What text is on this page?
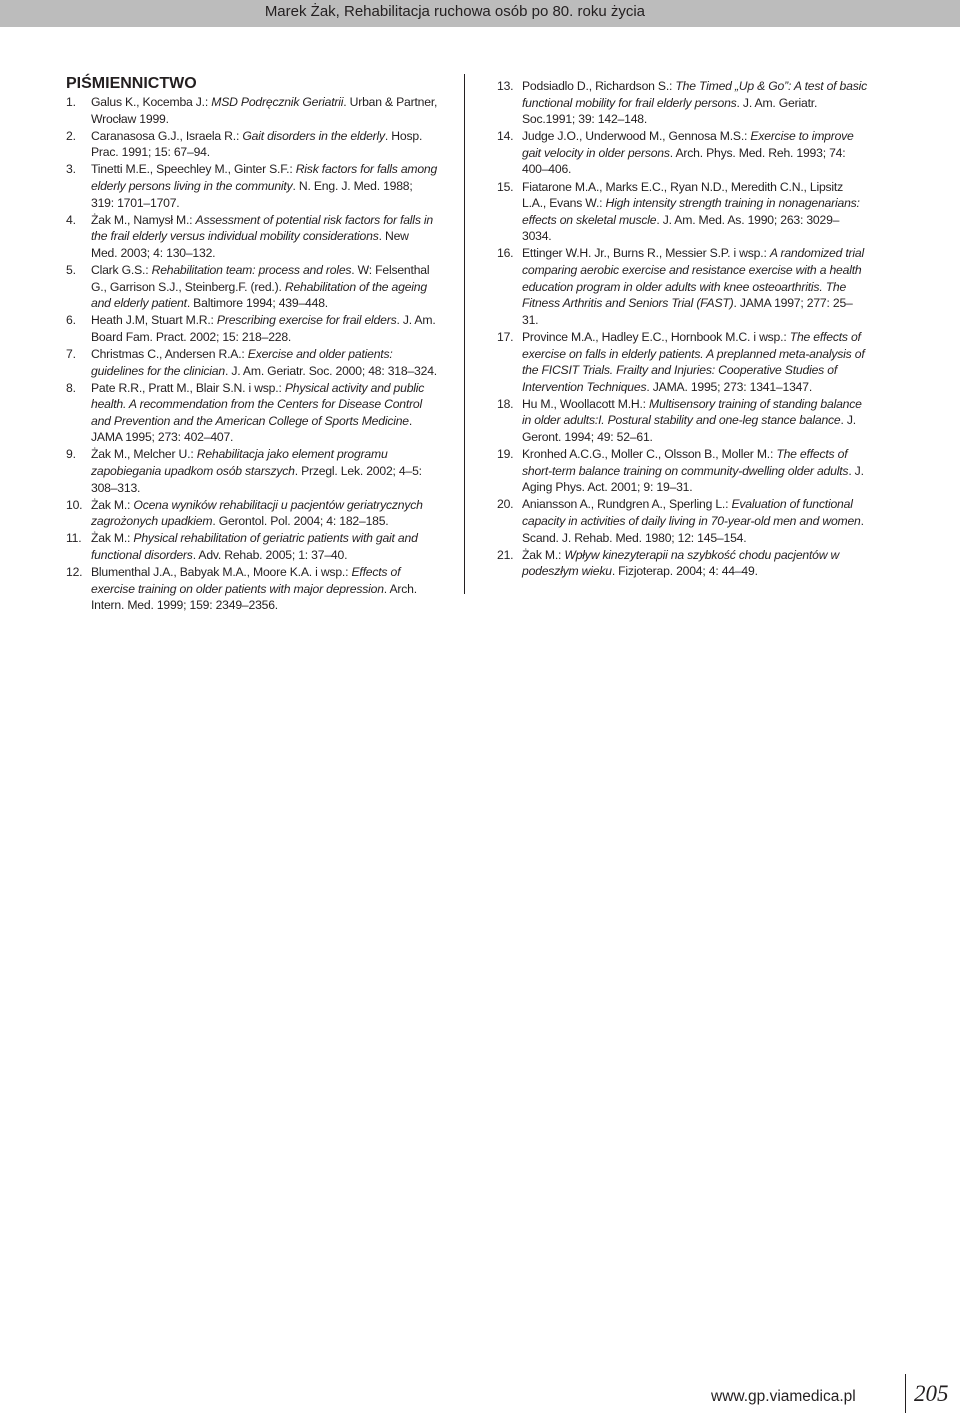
Marek Żak, Rehabilitacja ruchowa osób po 80. roku życia
PIŚMIENNICTWO
1. Galus K., Kocemba J.: MSD Podręcznik Geriatrii. Urban & Partner, Wrocław 1999.
2. Caranasosa G.J., Israela R.: Gait disorders in the elderly. Hosp. Prac. 1991; 15: 67–94.
3. Tinetti M.E., Speechley M., Ginter S.F.: Risk factors for falls among elderly persons living in the community. N. Eng. J. Med. 1988; 319: 1701–1707.
4. Żak M., Namysł M.: Assessment of potential risk factors for falls in the frail elderly versus individual mobility considerations. New Med. 2003; 4: 130–132.
5. Clark G.S.: Rehabilitation team: process and roles. W: Felsenthal G., Garrison S.J., Steinberg.F. (red.). Rehabilitation of the ageing and elderly patient. Baltimore 1994; 439–448.
6. Heath J.M, Stuart M.R.: Prescribing exercise for frail elders. J. Am. Board Fam. Pract. 2002; 15: 218–228.
7. Christmas C., Andersen R.A.: Exercise and older patients: guidelines for the clinician. J. Am. Geriatr. Soc. 2000; 48: 318–324.
8. Pate R.R., Pratt M., Blair S.N. i wsp.: Physical activity and public health. A recommendation from the Centers for Disease Control and Prevention and the American College of Sports Medicine. JAMA 1995; 273: 402–407.
9. Żak M., Melcher U.: Rehabilitacja jako element programu zapobiegania upadkom osób starszych. Przegl. Lek. 2002; 4–5: 308–313.
10. Żak M.: Ocena wyników rehabilitacji u pacjentów geriatrycznych zagrożonych upadkiem. Gerontol. Pol. 2004; 4: 182–185.
11. Żak M.: Physical rehabilitation of geriatric patients with gait and functional disorders. Adv. Rehab. 2005; 1: 37–40.
12. Blumenthal J.A., Babyak M.A., Moore K.A. i wsp.: Effects of exercise training on older patients with major depression. Arch. Intern. Med. 1999; 159: 2349–2356.
13. Podsiadlo D., Richardson S.: The Timed „Up & Go”: A test of basic functional mobility for frail elderly persons. J. Am. Geriatr. Soc.1991; 39: 142–148.
14. Judge J.O., Underwood M., Gennosa M.S.: Exercise to improve gait velocity in older persons. Arch. Phys. Med. Reh. 1993; 74: 400–406.
15. Fiatarone M.A., Marks E.C., Ryan N.D., Meredith C.N., Lipsitz L.A., Evans W.: High intensity strength training in nonagenarians: effects on skeletal muscle. J. Am. Med. As. 1990; 263: 3029–3034.
16. Ettinger W.H. Jr., Burns R., Messier S.P. i wsp.: A randomized trial comparing aerobic exercise and resistance exercise with a health education program in older adults with knee osteoarthritis. The Fitness Arthritis and Seniors Trial (FAST). JAMA 1997; 277: 25–31.
17. Province M.A., Hadley E.C., Hornbook M.C. i wsp.: The effects of exercise on falls in elderly patients. A preplanned meta-analysis of the FICSIT Trials. Frailty and Injuries: Cooperative Studies of Intervention Techniques. JAMA. 1995; 273: 1341–1347.
18. Hu M., Woollacott M.H.: Multisensory training of standing balance in older adults:I. Postural stability and one-leg stance balance. J. Geront. 1994; 49: 52–61.
19. Kronhed A.C.G., Moller C., Olsson B., Moller M.: The effects of short-term balance training on community-dwelling older adults. J. Aging Phys. Act. 2001; 9: 19–31.
20. Aniansson A., Rundgren A., Sperling L.: Evaluation of functional capacity in activities of daily living in 70-year-old men and women. Scand. J. Rehab. Med. 1980; 12: 145–154.
21. Żak M.: Wpływ kinezyterapii na szybkość chodu pacjentów w podeszłym wieku. Fizjoterap. 2004; 4: 44–49.
www.gp.viamedica.pl	205
